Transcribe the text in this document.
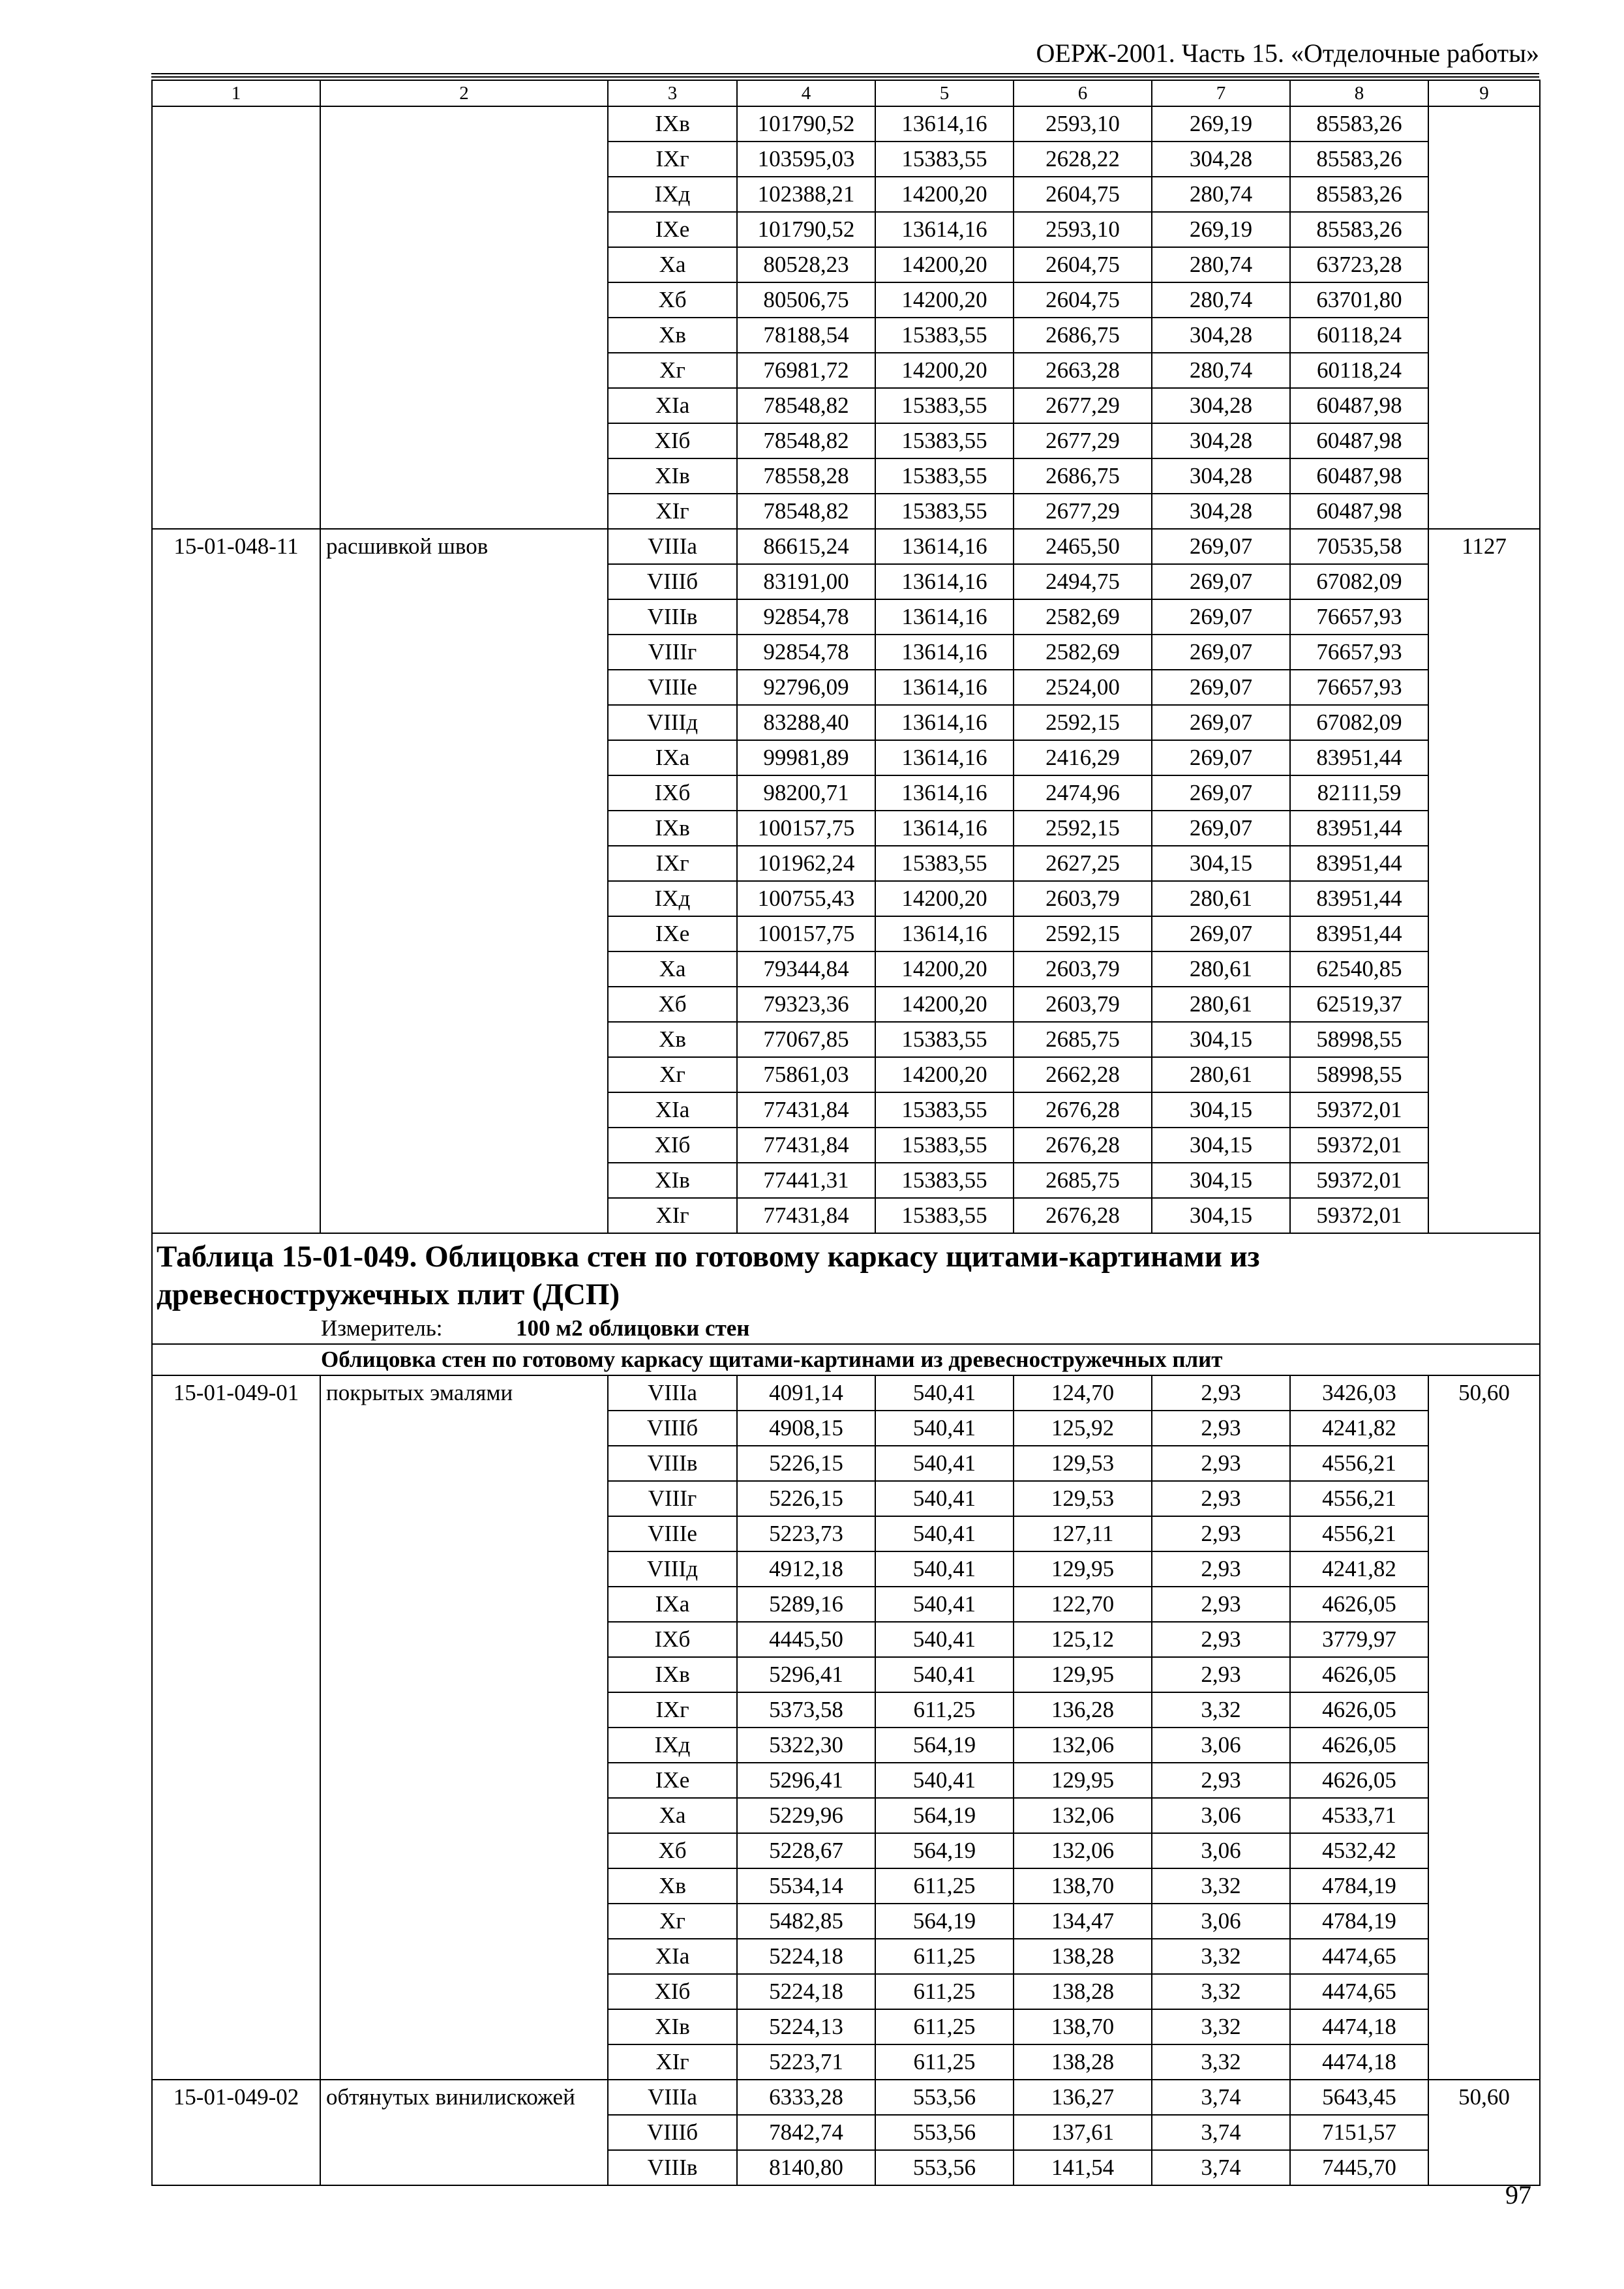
ОЕРЖ-2001. Часть 15. «Отделочные работы»
1	2	3	4	5	6	7	8	9
		IXв	101790,52	13614,16	2593,10	269,19	85583,26	
		IXг	103595,03	15383,55	2628,22	304,28	85583,26	
		IXд	102388,21	14200,20	2604,75	280,74	85583,26	
		IXе	101790,52	13614,16	2593,10	269,19	85583,26	
		Xа	80528,23	14200,20	2604,75	280,74	63723,28	
		Xб	80506,75	14200,20	2604,75	280,74	63701,80	
		Xв	78188,54	15383,55	2686,75	304,28	60118,24	
		Xг	76981,72	14200,20	2663,28	280,74	60118,24	
		XIа	78548,82	15383,55	2677,29	304,28	60487,98	
		XIб	78548,82	15383,55	2677,29	304,28	60487,98	
		XIв	78558,28	15383,55	2686,75	304,28	60487,98	
		XIг	78548,82	15383,55	2677,29	304,28	60487,98	
15-01-048-11	расшивкой швов	VIIIа	86615,24	13614,16	2465,50	269,07	70535,58	1127
		VIIIб	83191,00	13614,16	2494,75	269,07	67082,09	
		VIIIв	92854,78	13614,16	2582,69	269,07	76657,93	
		VIIIг	92854,78	13614,16	2582,69	269,07	76657,93	
		VIIIе	92796,09	13614,16	2524,00	269,07	76657,93	
		VIIIд	83288,40	13614,16	2592,15	269,07	67082,09	
		IXа	99981,89	13614,16	2416,29	269,07	83951,44	
		IXб	98200,71	13614,16	2474,96	269,07	82111,59	
		IXв	100157,75	13614,16	2592,15	269,07	83951,44	
		IXг	101962,24	15383,55	2627,25	304,15	83951,44	
		IXд	100755,43	14200,20	2603,79	280,61	83951,44	
		IXе	100157,75	13614,16	2592,15	269,07	83951,44	
		Xа	79344,84	14200,20	2603,79	280,61	62540,85	
		Xб	79323,36	14200,20	2603,79	280,61	62519,37	
		Xв	77067,85	15383,55	2685,75	304,15	58998,55	
		Xг	75861,03	14200,20	2662,28	280,61	58998,55	
		XIа	77431,84	15383,55	2676,28	304,15	59372,01	
		XIб	77431,84	15383,55	2676,28	304,15	59372,01	
		XIв	77441,31	15383,55	2685,75	304,15	59372,01	
		XIг	77431,84	15383,55	2676,28	304,15	59372,01	
Таблица 15-01-049. Облицовка стен по готовому каркасу щитами-картинами из древесностружечных плит (ДСП)								
Измеритель: 100 м2 облицовки стен								
Облицовка стен по готовому каркасу щитами-картинами из древесностружечных плит								
15-01-049-01	покрытых эмалями	VIIIа	4091,14	540,41	124,70	2,93	3426,03	50,60
		VIIIб	4908,15	540,41	125,92	2,93	4241,82	
		VIIIв	5226,15	540,41	129,53	2,93	4556,21	
		VIIIг	5226,15	540,41	129,53	2,93	4556,21	
		VIIIе	5223,73	540,41	127,11	2,93	4556,21	
		VIIIд	4912,18	540,41	129,95	2,93	4241,82	
		IXа	5289,16	540,41	122,70	2,93	4626,05	
		IXб	4445,50	540,41	125,12	2,93	3779,97	
		IXв	5296,41	540,41	129,95	2,93	4626,05	
		IXг	5373,58	611,25	136,28	3,32	4626,05	
		IXд	5322,30	564,19	132,06	3,06	4626,05	
		IXе	5296,41	540,41	129,95	2,93	4626,05	
		Xа	5229,96	564,19	132,06	3,06	4533,71	
		Xб	5228,67	564,19	132,06	3,06	4532,42	
		Xв	5534,14	611,25	138,70	3,32	4784,19	
		Xг	5482,85	564,19	134,47	3,06	4784,19	
		XIа	5224,18	611,25	138,28	3,32	4474,65	
		XIб	5224,18	611,25	138,28	3,32	4474,65	
		XIв	5224,13	611,25	138,70	3,32	4474,18	
		XIг	5223,71	611,25	138,28	3,32	4474,18	
15-01-049-02	обтянутых винилискожей	VIIIа	6333,28	553,56	136,27	3,74	5643,45	50,60
		VIIIб	7842,74	553,56	137,61	3,74	7151,57	
		VIIIв	8140,80	553,56	141,54	3,74	7445,70	
97
